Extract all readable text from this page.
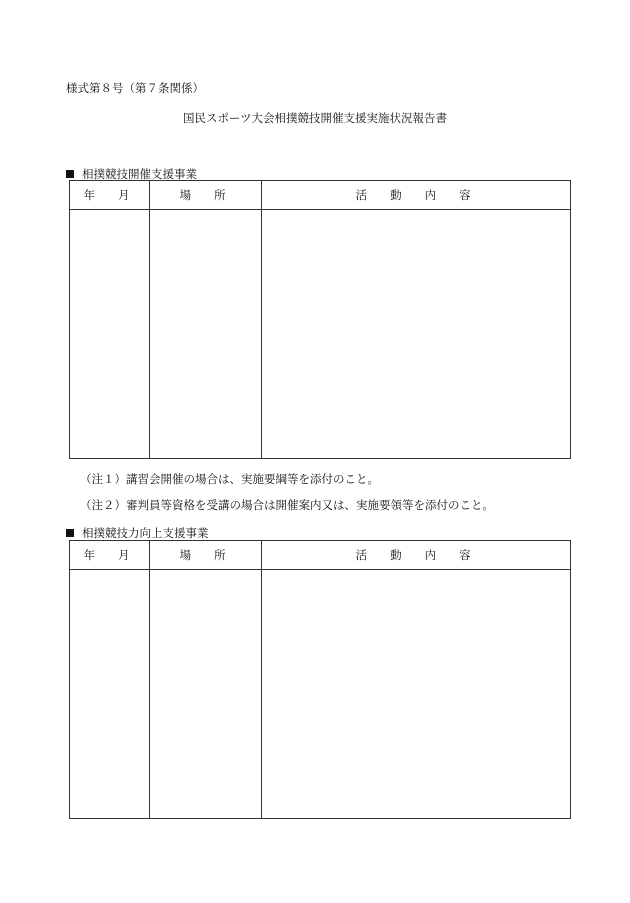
様式第８号（第７条関係）
国民スポーツ大会相撲競技開催支援実施状況報告書
相撲競技開催支援事業
年　月	場　所	活　動　内　容

（注１）講習会開催の場合は、実施要綱等を添付のこと。
（注２）審判員等資格を受講の場合は開催案内又は、実施要領等を添付のこと。
相撲競技力向上支援事業
年　月	場　所	活　動　内　容
